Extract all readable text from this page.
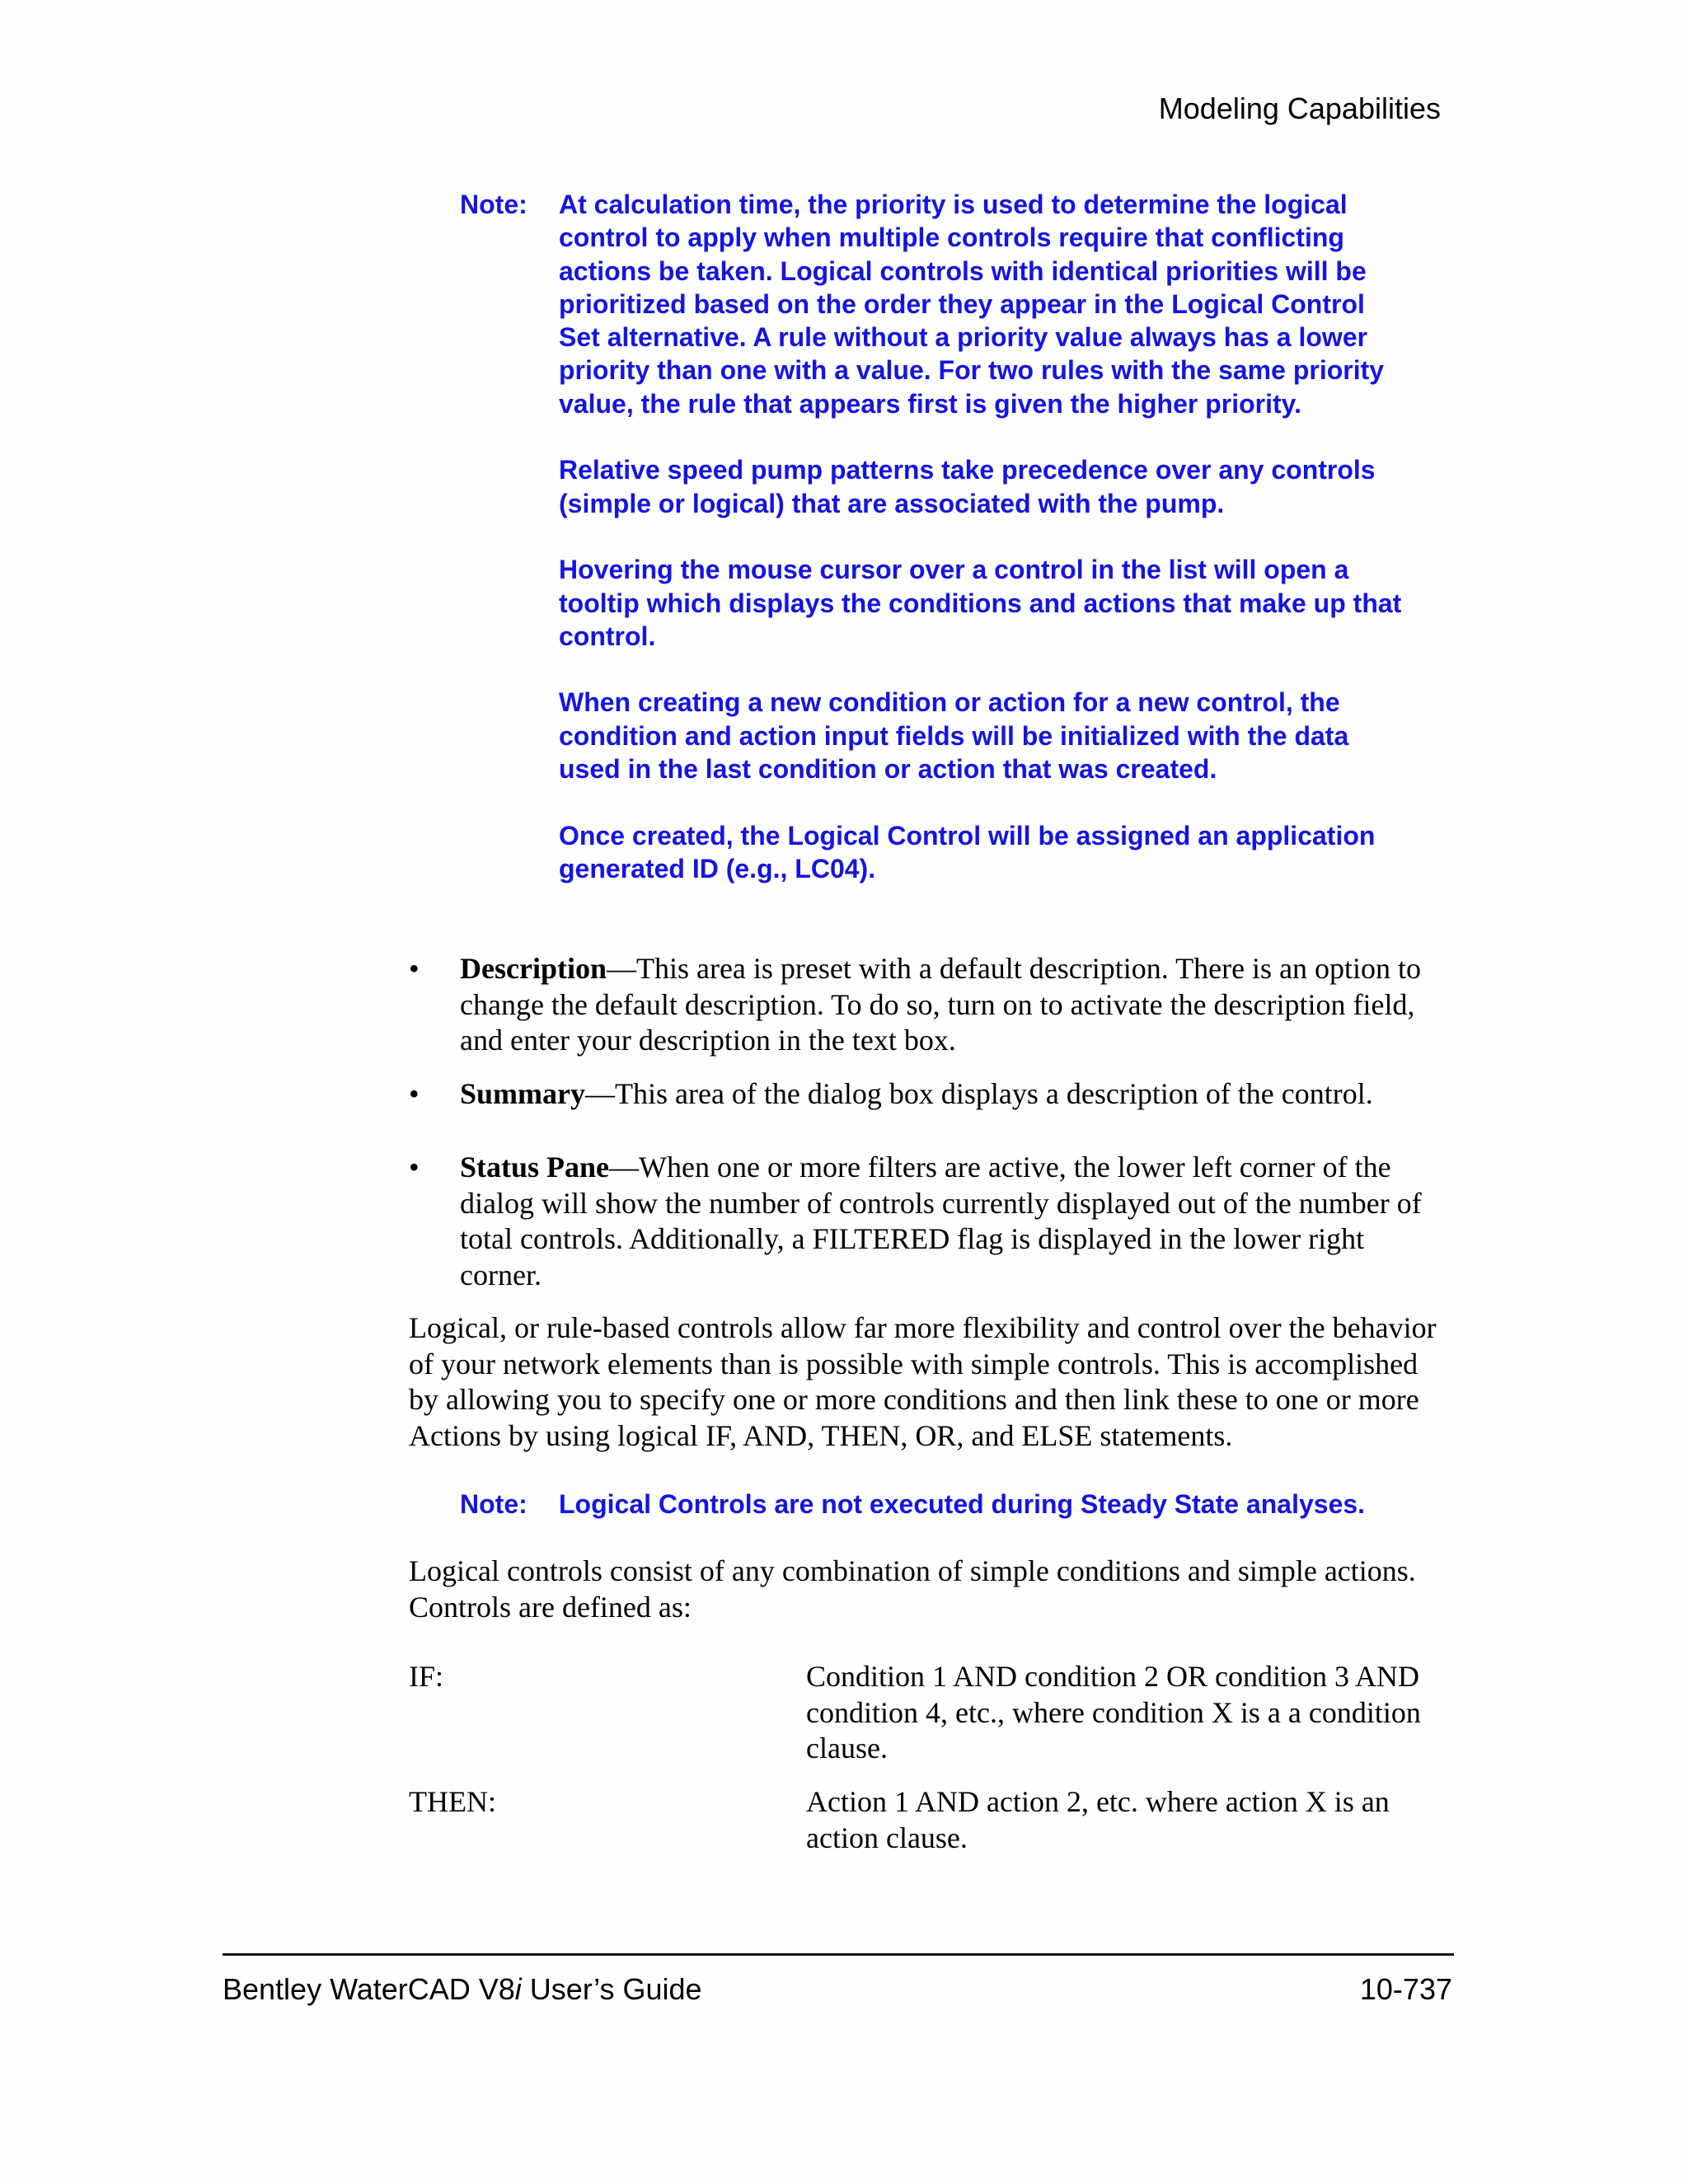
Modeling Capabilities
Note: At calculation time, the priority is used to determine the logical control to apply when multiple controls require that conflicting actions be taken. Logical controls with identical priorities will be prioritized based on the order they appear in the Logical Control Set alternative. A rule without a priority value always has a lower priority than one with a value. For two rules with the same priority value, the rule that appears first is given the higher priority.

Relative speed pump patterns take precedence over any controls (simple or logical) that are associated with the pump.

Hovering the mouse cursor over a control in the list will open a tooltip which displays the conditions and actions that make up that control.

When creating a new condition or action for a new control, the condition and action input fields will be initialized with the data used in the last condition or action that was created.

Once created, the Logical Control will be assigned an application generated ID (e.g., LC04).

• Description—This area is preset with a default description. There is an option to change the default description. To do so, turn on to activate the description field, and enter your description in the text box.
• Summary—This area of the dialog box displays a description of the control.
• Status Pane—When one or more filters are active, the lower left corner of the dialog will show the number of controls currently displayed out of the number of total controls. Additionally, a FILTERED flag is displayed in the lower right corner.
Logical, or rule-based controls allow far more flexibility and control over the behavior of your network elements than is possible with simple controls. This is accomplished by allowing you to specify one or more conditions and then link these to one or more Actions by using logical IF, AND, THEN, OR, and ELSE statements.
Note: Logical Controls are not executed during Steady State analyses.

Logical controls consist of any combination of simple conditions and simple actions. Controls are defined as:
IF:	Condition 1 AND condition 2 OR condition 3 AND condition 4, etc., where condition X is a a condition clause.
THEN:	Action 1 AND action 2, etc. where action X is an action clause.
Bentley WaterCAD V8i User’s Guide	10-737
